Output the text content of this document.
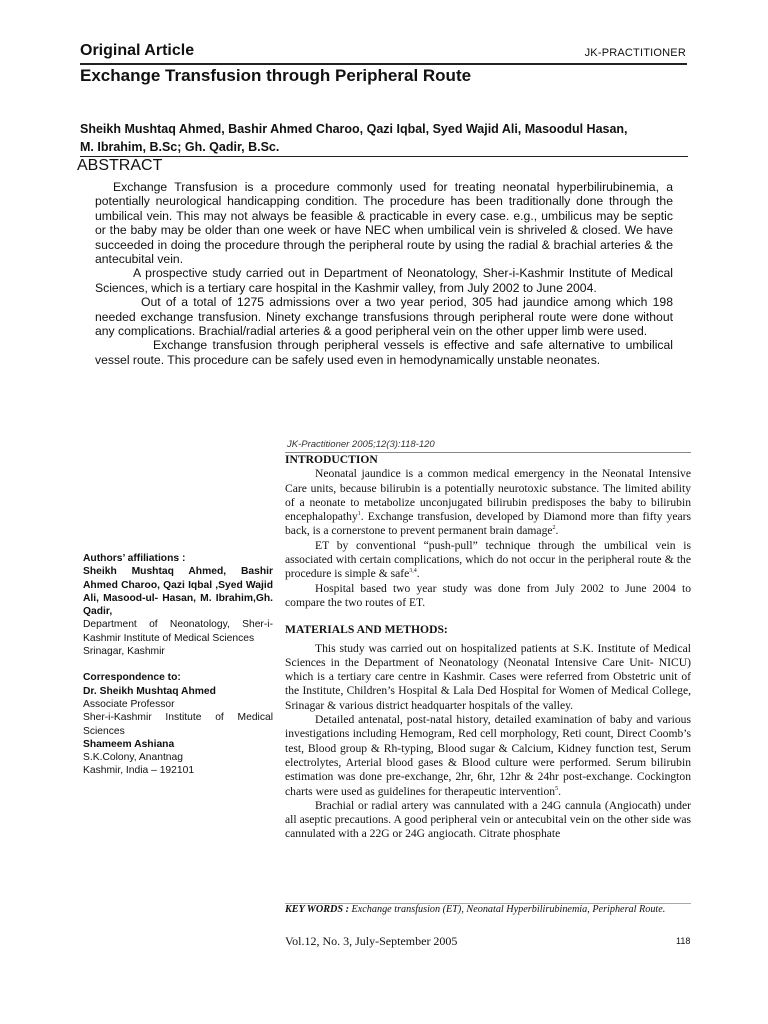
Original Article	JK-PRACTITIONER
Exchange Transfusion through Peripheral Route
Sheikh Mushtaq Ahmed, Bashir Ahmed Charoo, Qazi Iqbal, Syed Wajid Ali, Masoodul Hasan,
M. Ibrahim, B.Sc; Gh. Qadir, B.Sc.
ABSTRACT

Exchange Transfusion is a procedure commonly used for treating neonatal hyperbilirubinemia, a potentially neurological handicapping condition. The procedure has been traditionally done through the umbilical vein. This may not always be feasible & practicable in every case. e.g., umbilicus may be septic or the baby may be older than one week or have NEC when umbilical vein is shriveled & closed. We have succeeded in doing the procedure through the peripheral route by using the radial & brachial arteries & the antecubital vein.

A prospective study carried out in Department of Neonatology, Sher-i-Kashmir Institute of Medical Sciences, which is a tertiary care hospital in the Kashmir valley, from July 2002 to June 2004.

Out of a total of 1275 admissions over a two year period, 305 had jaundice among which 198 needed exchange transfusion. Ninety exchange transfusions through peripheral route were done without any complications. Brachial/radial arteries & a good peripheral vein on the other upper limb were used.

Exchange transfusion through peripheral vessels is effective and safe alternative to umbilical vessel route. This procedure can be safely used even in hemodynamically unstable neonates.

JK-Practitioner 2005;12(3):118-120

INTRODUCTION

Neonatal jaundice is a common medical emergency in the Neonatal Intensive Care units, because bilirubin is a potentially neurotoxic substance. The limited ability of a neonate to metabolize unconjugated bilirubin predisposes the baby to bilirubin encephalopathy$^1$. Exchange transfusion, developed by Diamond more than fifty years back, is a cornerstone to prevent permanent brain damage$^2$.

ET by conventional “push-pull” technique through the umbilical vein is associated with certain complications, which do not occur in the peripheral route & the procedure is simple & safe$^{3,4}$.

Hospital based two year study was done from July 2002 to June 2004 to compare the two routes of ET.

MATERIALS AND METHODS:

This study was carried out on hospitalized patients at S.K. Institute of Medical Sciences in the Department of Neonatology (Neonatal Intensive Care Unit- NICU) which is a tertiary care centre in Kashmir. Cases were referred from Obstetric unit of the Institute, Children’s Hospital & Lala Ded Hospital for Women of Medical College, Srinagar & various district headquarter hospitals of the valley.

Detailed antenatal, post-natal history, detailed examination of baby and various investigations including Hemogram, Red cell morphology, Reti count, Direct Coomb’s test, Blood group & Rh-typing, Blood sugar & Calcium, Kidney function test, Serum electrolytes, Arterial blood gases & Blood culture were performed. Serum bilirubin estimation was done pre-exchange, 2hr, 6hr, 12hr & 24hr post-exchange. Cockington charts were used as guidelines for therapeutic intervention$^5$.

Brachial or radial artery was cannulated with a 24G cannula (Angiocath) under all aseptic precautions. A good peripheral vein or antecubital vein on the other side was cannulated with a 22G or 24G angiocath. Citrate phosphate

Authors’ affiliations :

Sheikh Mushtaq Ahmed, Bashir Ahmed Charoo, Qazi Iqbal ,Syed Wajid Ali, Masood-ul- Hasan, M. Ibrahim,Gh. Qadir,

Department of Neonatology, Sher-i-Kashmir Institute of Medical Sciences

Srinagar, Kashmir

Correspondence to:

Dr. Sheikh Mushtaq Ahmed

Associate Professor

Sher-i-Kashmir Institute of Medical Sciences

Shameem Ashiana

S.K.Colony, Anantnag

Kashmir, India – 192101

KEY WORDS : Exchange transfusion (ET), Neonatal Hyperbilirubinemia, Peripheral Route.
Vol.12, No. 3, July-September 2005	118
